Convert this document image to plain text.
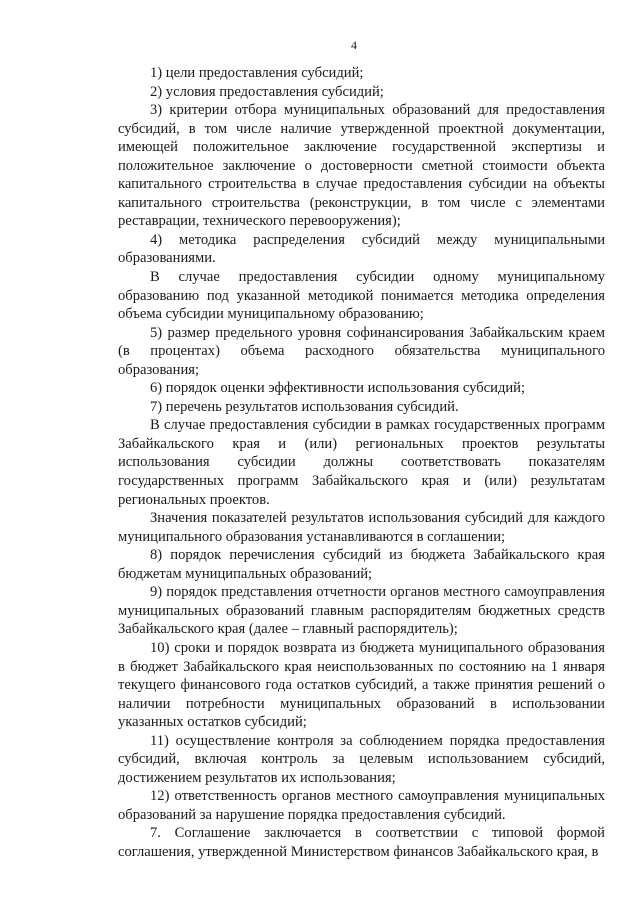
4

1) цели предоставления субсидий;

2) условия предоставления субсидий;

3) критерии отбора муниципальных образований для предоставления субсидий, в том числе наличие утвержденной проектной документации, имеющей положительное заключение государственной экспертизы и положительное заключение о достоверности сметной стоимости объекта капитального строительства в случае предоставления субсидии на объекты капитального строительства (реконструкции, в том числе с элементами реставрации, технического перевооружения);

4) методика распределения субсидий между муниципальными образованиями.

В случае предоставления субсидии одному муниципальному образованию под указанной методикой понимается методика определения объема субсидии муниципальному образованию;

5) размер предельного уровня софинансирования Забайкальским краем (в процентах) объема расходного обязательства муниципального образования;

6) порядок оценки эффективности использования субсидий;

7) перечень результатов использования субсидий.

В случае предоставления субсидии в рамках государственных программ Забайкальского края и (или) региональных проектов результаты использования субсидии должны соответствовать показателям государственных программ Забайкальского края и (или) результатам региональных проектов.

Значения показателей результатов использования субсидий для каждого муниципального образования устанавливаются в соглашении;

8) порядок перечисления субсидий из бюджета Забайкальского края бюджетам муниципальных образований;

9) порядок представления отчетности органов местного самоуправления муниципальных образований главным распорядителям бюджетных средств Забайкальского края (далее – главный распорядитель);

10) сроки и порядок возврата из бюджета муниципального образования в бюджет Забайкальского края неиспользованных по состоянию на 1 января текущего финансового года остатков субсидий, а также принятия решений о наличии потребности муниципальных образований в использовании указанных остатков субсидий;

11) осуществление контроля за соблюдением порядка предоставления субсидий, включая контроль за целевым использованием субсидий, достижением результатов их использования;

12) ответственность органов местного самоуправления муниципальных образований за нарушение порядка предоставления субсидий.

7. Соглашение заключается в соответствии с типовой формой соглашения, утвержденной Министерством финансов Забайкальского края, в
